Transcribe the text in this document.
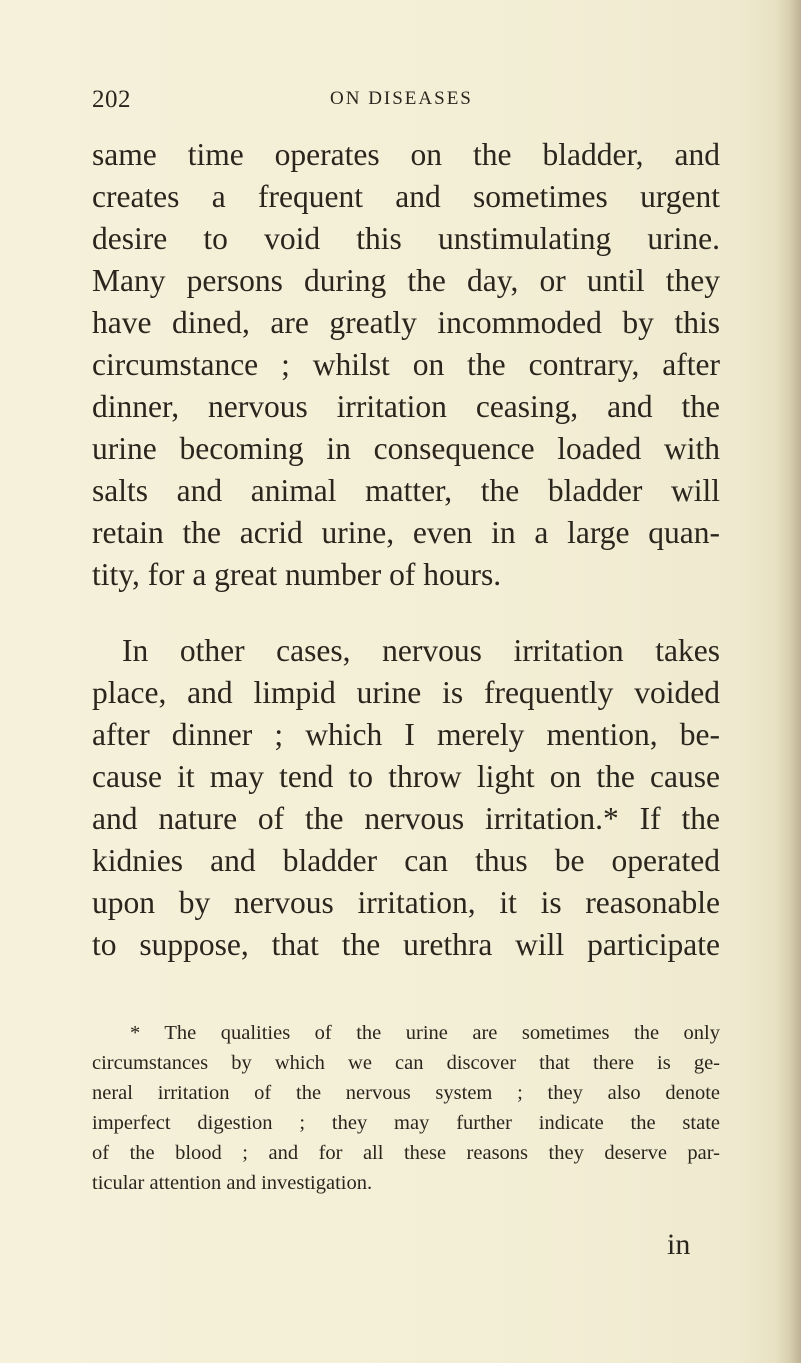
202	ON DISEASES
same time operates on the bladder, and
creates a frequent and sometimes urgent
desire to void this unstimulating urine.
Many persons during the day, or until they
have dined, are greatly incommoded by this
circumstance ; whilst on the contrary, after
dinner, nervous irritation ceasing, and the
urine becoming in consequence loaded with
salts and animal matter, the bladder will
retain the acrid urine, even in a large quan-
tity, for a great number of hours.
In other cases, nervous irritation takes
place, and limpid urine is frequently voided
after dinner ; which I merely mention, be-
cause it may tend to throw light on the cause
and nature of the nervous irritation.* If the
kidnies and bladder can thus be operated
upon by nervous irritation, it is reasonable
to suppose, that the urethra will participate
* The qualities of the urine are sometimes the only
circumstances by which we can discover that there is ge-
neral irritation of the nervous system ; they also denote
imperfect digestion ; they may further indicate the state
of the blood ; and for all these reasons they deserve par-
ticular attention and investigation.
in
